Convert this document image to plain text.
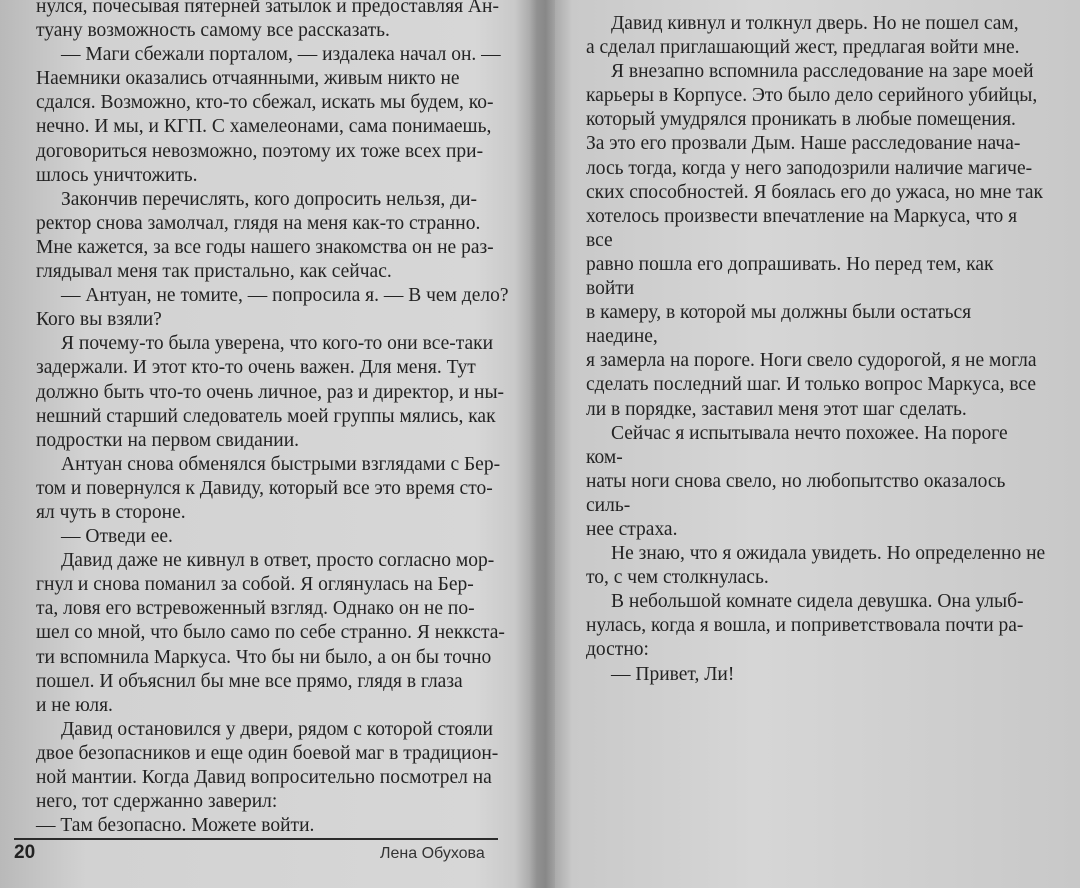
нулся, почесывая пятерней затылок и предоставляя Ан-
туану возможность самому все рассказать.

— Маги сбежали порталом, — издалека начал он. —
Наемники оказались отчаянными, живым никто не
сдался. Возможно, кто-то сбежал, искать мы будем, ко-
нечно. И мы, и КГП. С хамелеонами, сама понимаешь,
договориться невозможно, поэтому их тоже всех при-
шлось уничтожить.

Закончив перечислять, кого допросить нельзя, ди-
ректор снова замолчал, глядя на меня как-то странно.
Мне кажется, за все годы нашего знакомства он не раз-
глядывал меня так пристально, как сейчас.

— Антуан, не томите, — попросила я. — В чем дело?
Кого вы взяли?

Я почему-то была уверена, что кого-то они все-таки
задержали. И этот кто-то очень важен. Для меня. Тут
должно быть что-то очень личное, раз и директор, и ны-
нешний старший следователь моей группы мялись, как
подростки на первом свидании.

Антуан снова обменялся быстрыми взглядами с Бер-
том и повернулся к Давиду, который все это время сто-
ял чуть в стороне.

— Отведи ее.

Давид даже не кивнул в ответ, просто согласно мор-
гнул и снова поманил за собой. Я оглянулась на Бер-
та, ловя его встревоженный взгляд. Однако он не по-
шел со мной, что было само по себе странно. Я неккста-
ти вспомнила Маркуса. Что бы ни было, а он бы точно
пошел. И объяснил бы мне все прямо, глядя в глаза
и не юля.

Давид остановился у двери, рядом с которой стояли
двое безопасников и еще один боевой маг в традицион-
ной мантии. Когда Давид вопросительно посмотрел на
него, тот сдержанно заверил:

— Там безопасно. Можете войти.

20	Лена Обухова

Давид кивнул и толкнул дверь. Но не пошел сам,
а сделал приглашающий жест, предлагая войти мне.

Я внезапно вспомнила расследование на заре моей
карьеры в Корпусе. Это было дело серийного убийцы,
который умудрялся проникать в любые помещения.
За это его прозвали Дым. Наше расследование нача-
лось тогда, когда у него заподозрили наличие магиче-
ских способностей. Я боялась его до ужаса, но мне так
хотелось произвести впечатление на Маркуса, что я все
равно пошла его допрашивать. Но перед тем, как войти
в камеру, в которой мы должны были остаться наедине,
я замерла на пороге. Ноги свело судорогой, я не могла
сделать последний шаг. И только вопрос Маркуса, все
ли в порядке, заставил меня этот шаг сделать.

Сейчас я испытывала нечто похожее. На пороге ком-
наты ноги снова свело, но любопытство оказалось силь-
нее страха.

Не знаю, что я ожидала увидеть. Но определенно не
то, с чем столкнулась.

В небольшой комнате сидела девушка. Она улыб-
нулась, когда я вошла, и поприветствовала почти ра-
достно:

— Привет, Ли!
